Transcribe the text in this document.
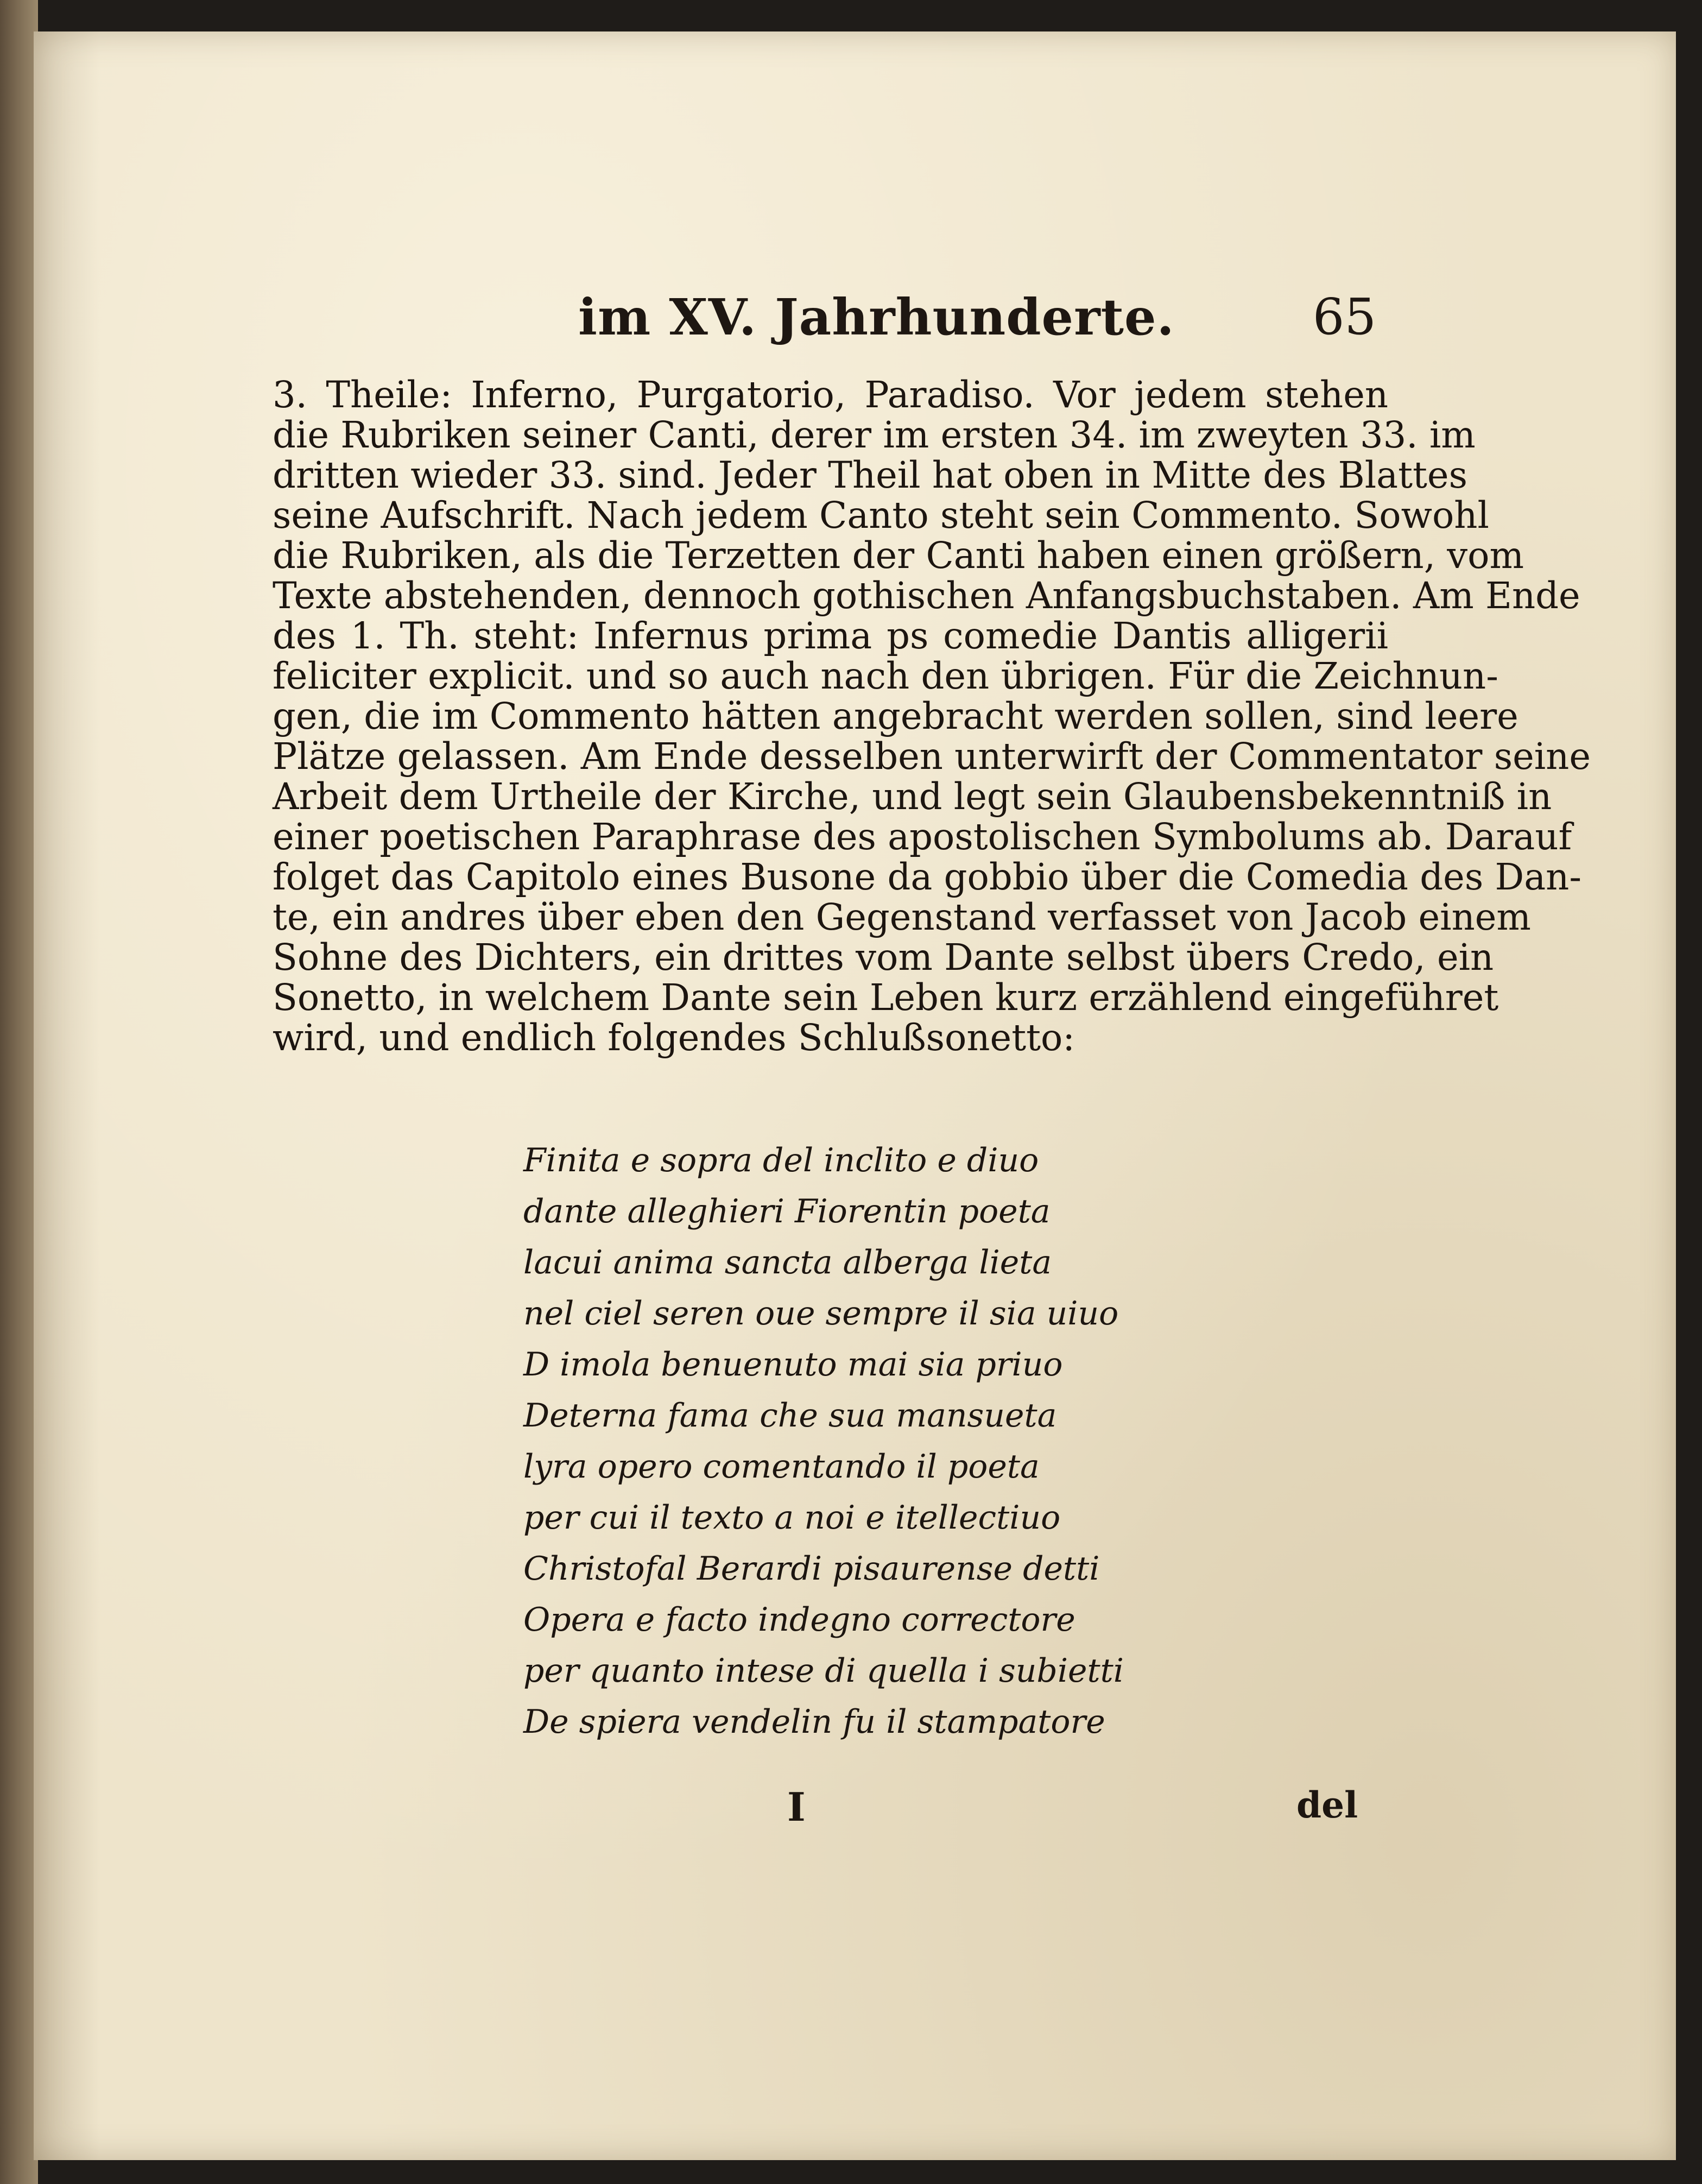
im XV. Jahrhunderte.	65
3. Theile: Inferno, Purgatorio, Paradiso. Vor jedem stehen
die Rubriken seiner Canti, derer im ersten 34. im zweyten 33. im
dritten wieder 33. sind. Jeder Theil hat oben in Mitte des Blattes
seine Aufschrift. Nach jedem Canto steht sein Commento. Sowohl
die Rubriken, als die Terzetten der Canti haben einen größern, vom
Texte abstehenden, dennoch gothischen Anfangsbuchstaben. Am Ende
des 1. Th. steht: Infernus prima ps comedie Dantis alligerii
feliciter explicit. und so auch nach den übrigen. Für die Zeichnun-
gen, die im Commento hätten angebracht werden sollen, sind leere
Plätze gelassen. Am Ende desselben unterwirft der Commentator seine
Arbeit dem Urtheile der Kirche, und legt sein Glaubensbekenntniß in
einer poetischen Paraphrase des apostolischen Symbolums ab. Darauf
folget das Capitolo eines Busone da gobbio über die Comedia des Dan-
te, ein andres über eben den Gegenstand verfasset von Jacob einem
Sohne des Dichters, ein drittes vom Dante selbst übers Credo, ein
Sonetto, in welchem Dante sein Leben kurz erzählend eingeführet
wird, und endlich folgendes Schlußsonetto:
Finita e sopra del inclito e diuo
dante alleghieri Fiorentin poeta
lacui anima sancta alberga lieta
nel ciel seren oue sempre il sia uiuo
D imola benuenuto mai sia priuo
Deterna fama che sua mansueta
lyra opero comentando il poeta
per cui il texto a noi e itellectiuo
Christofal Berardi pisaurense detti
Opera e facto indegno correctore
per quanto intese di quella i subietti
De spiera vendelin fu il stampatore
I	del
